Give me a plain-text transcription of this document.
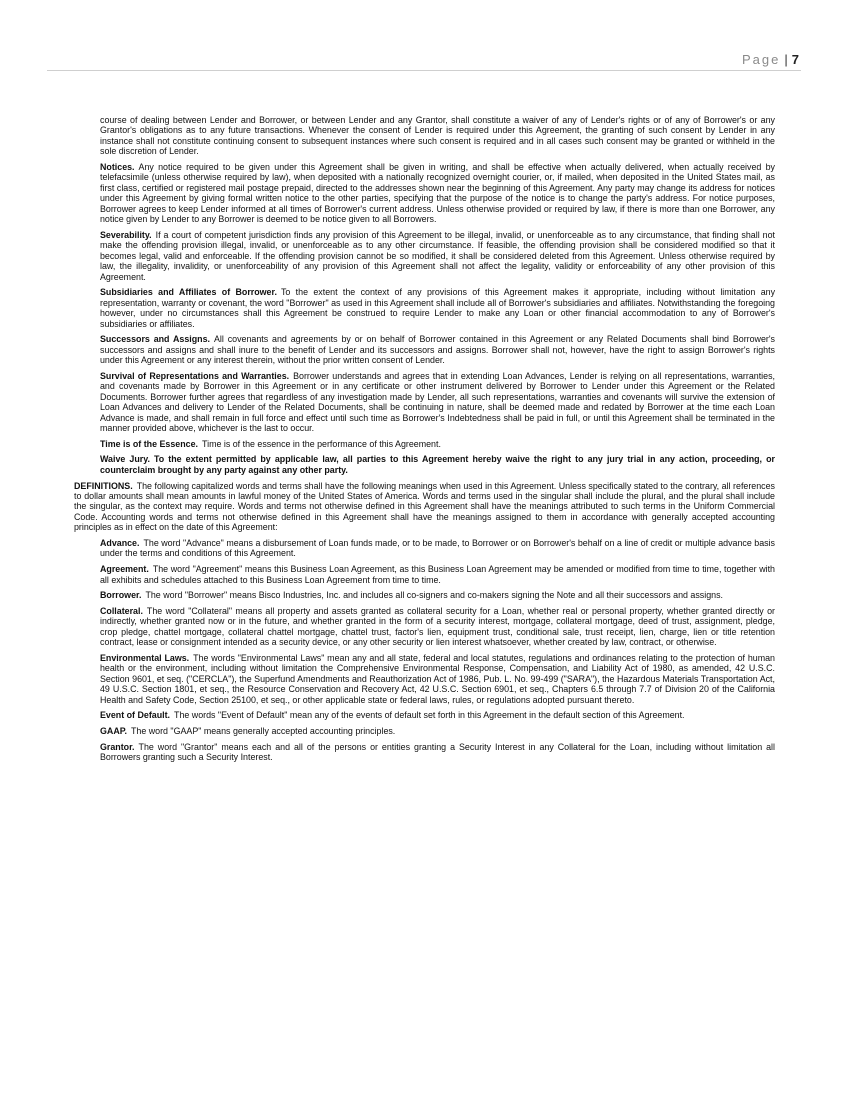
Page | 7

course of dealing between Lender and Borrower, or between Lender and any Grantor, shall constitute a waiver of any of Lender's rights or of any of Borrower's or any Grantor's obligations as to any future transactions. Whenever the consent of Lender is required under this Agreement, the granting of such consent by Lender in any instance shall not constitute continuing consent to subsequent instances where such consent is required and in all cases such consent may be granted or withheld in the sole discretion of Lender.

Notices. Any notice required to be given under this Agreement shall be given in writing, and shall be effective when actually delivered, when actually received by telefacsimile (unless otherwise required by law), when deposited with a nationally recognized overnight courier, or, if mailed, when deposited in the United States mail, as first class, certified or registered mail postage prepaid, directed to the addresses shown near the beginning of this Agreement. Any party may change its address for notices under this Agreement by giving formal written notice to the other parties, specifying that the purpose of the notice is to change the party's address. For notice purposes, Borrower agrees to keep Lender informed at all times of Borrower's current address. Unless otherwise provided or required by law, if there is more than one Borrower, any notice given by Lender to any Borrower is deemed to be notice given to all Borrowers.

Severability. If a court of competent jurisdiction finds any provision of this Agreement to be illegal, invalid, or unenforceable as to any circumstance, that finding shall not make the offending provision illegal, invalid, or unenforceable as to any other circumstance. If feasible, the offending provision shall be considered modified so that it becomes legal, valid and enforceable. If the offending provision cannot be so modified, it shall be considered deleted from this Agreement. Unless otherwise required by law, the illegality, invalidity, or unenforceability of any provision of this Agreement shall not affect the legality, validity or enforceability of any other provision of this Agreement.

Subsidiaries and Affiliates of Borrower. To the extent the context of any provisions of this Agreement makes it appropriate, including without limitation any representation, warranty or covenant, the word "Borrower" as used in this Agreement shall include all of Borrower's subsidiaries and affiliates. Notwithstanding the foregoing however, under no circumstances shall this Agreement be construed to require Lender to make any Loan or other financial accommodation to any of Borrower's subsidiaries or affiliates.

Successors and Assigns. All covenants and agreements by or on behalf of Borrower contained in this Agreement or any Related Documents shall bind Borrower's successors and assigns and shall inure to the benefit of Lender and its successors and assigns. Borrower shall not, however, have the right to assign Borrower's rights under this Agreement or any interest therein, without the prior written consent of Lender.

Survival of Representations and Warranties. Borrower understands and agrees that in extending Loan Advances, Lender is relying on all representations, warranties, and covenants made by Borrower in this Agreement or in any certificate or other instrument delivered by Borrower to Lender under this Agreement or the Related Documents. Borrower further agrees that regardless of any investigation made by Lender, all such representations, warranties and covenants will survive the extension of Loan Advances and delivery to Lender of the Related Documents, shall be continuing in nature, shall be deemed made and redated by Borrower at the time each Loan Advance is made, and shall remain in full force and effect until such time as Borrower's Indebtedness shall be paid in full, or until this Agreement shall be terminated in the manner provided above, whichever is the last to occur.

Time is of the Essence. Time is of the essence in the performance of this Agreement.

Waive Jury. To the extent permitted by applicable law, all parties to this Agreement hereby waive the right to any jury trial in any action, proceeding, or counterclaim brought by any party against any other party.

DEFINITIONS. The following capitalized words and terms shall have the following meanings when used in this Agreement. Unless specifically stated to the contrary, all references to dollar amounts shall mean amounts in lawful money of the United States of America. Words and terms used in the singular shall include the plural, and the plural shall include the singular, as the context may require. Words and terms not otherwise defined in this Agreement shall have the meanings attributed to such terms in the Uniform Commercial Code. Accounting words and terms not otherwise defined in this Agreement shall have the meanings assigned to them in accordance with generally accepted accounting principles as in effect on the date of this Agreement:

Advance. The word "Advance" means a disbursement of Loan funds made, or to be made, to Borrower or on Borrower's behalf on a line of credit or multiple advance basis under the terms and conditions of this Agreement.

Agreement. The word "Agreement" means this Business Loan Agreement, as this Business Loan Agreement may be amended or modified from time to time, together with all exhibits and schedules attached to this Business Loan Agreement from time to time.

Borrower. The word "Borrower" means Bisco Industries, Inc. and includes all co-signers and co-makers signing the Note and all their successors and assigns.

Collateral. The word "Collateral" means all property and assets granted as collateral security for a Loan, whether real or personal property, whether granted directly or indirectly, whether granted now or in the future, and whether granted in the form of a security interest, mortgage, collateral mortgage, deed of trust, assignment, pledge, crop pledge, chattel mortgage, collateral chattel mortgage, chattel trust, factor's lien, equipment trust, conditional sale, trust receipt, lien, charge, lien or title retention contract, lease or consignment intended as a security device, or any other security or lien interest whatsoever, whether created by law, contract, or otherwise.

Environmental Laws. The words "Environmental Laws" mean any and all state, federal and local statutes, regulations and ordinances relating to the protection of human health or the environment, including without limitation the Comprehensive Environmental Response, Compensation, and Liability Act of 1980, as amended, 42 U.S.C. Section 9601, et seq. ("CERCLA"), the Superfund Amendments and Reauthorization Act of 1986, Pub. L. No. 99-499 ("SARA"), the Hazardous Materials Transportation Act, 49 U.S.C. Section 1801, et seq., the Resource Conservation and Recovery Act, 42 U.S.C. Section 6901, et seq., Chapters 6.5 through 7.7 of Division 20 of the California Health and Safety Code, Section 25100, et seq., or other applicable state or federal laws, rules, or regulations adopted pursuant thereto.

Event of Default. The words "Event of Default" mean any of the events of default set forth in this Agreement in the default section of this Agreement.

GAAP. The word "GAAP" means generally accepted accounting principles.

Grantor. The word "Grantor" means each and all of the persons or entities granting a Security Interest in any Collateral for the Loan, including without limitation all Borrowers granting such a Security Interest.
